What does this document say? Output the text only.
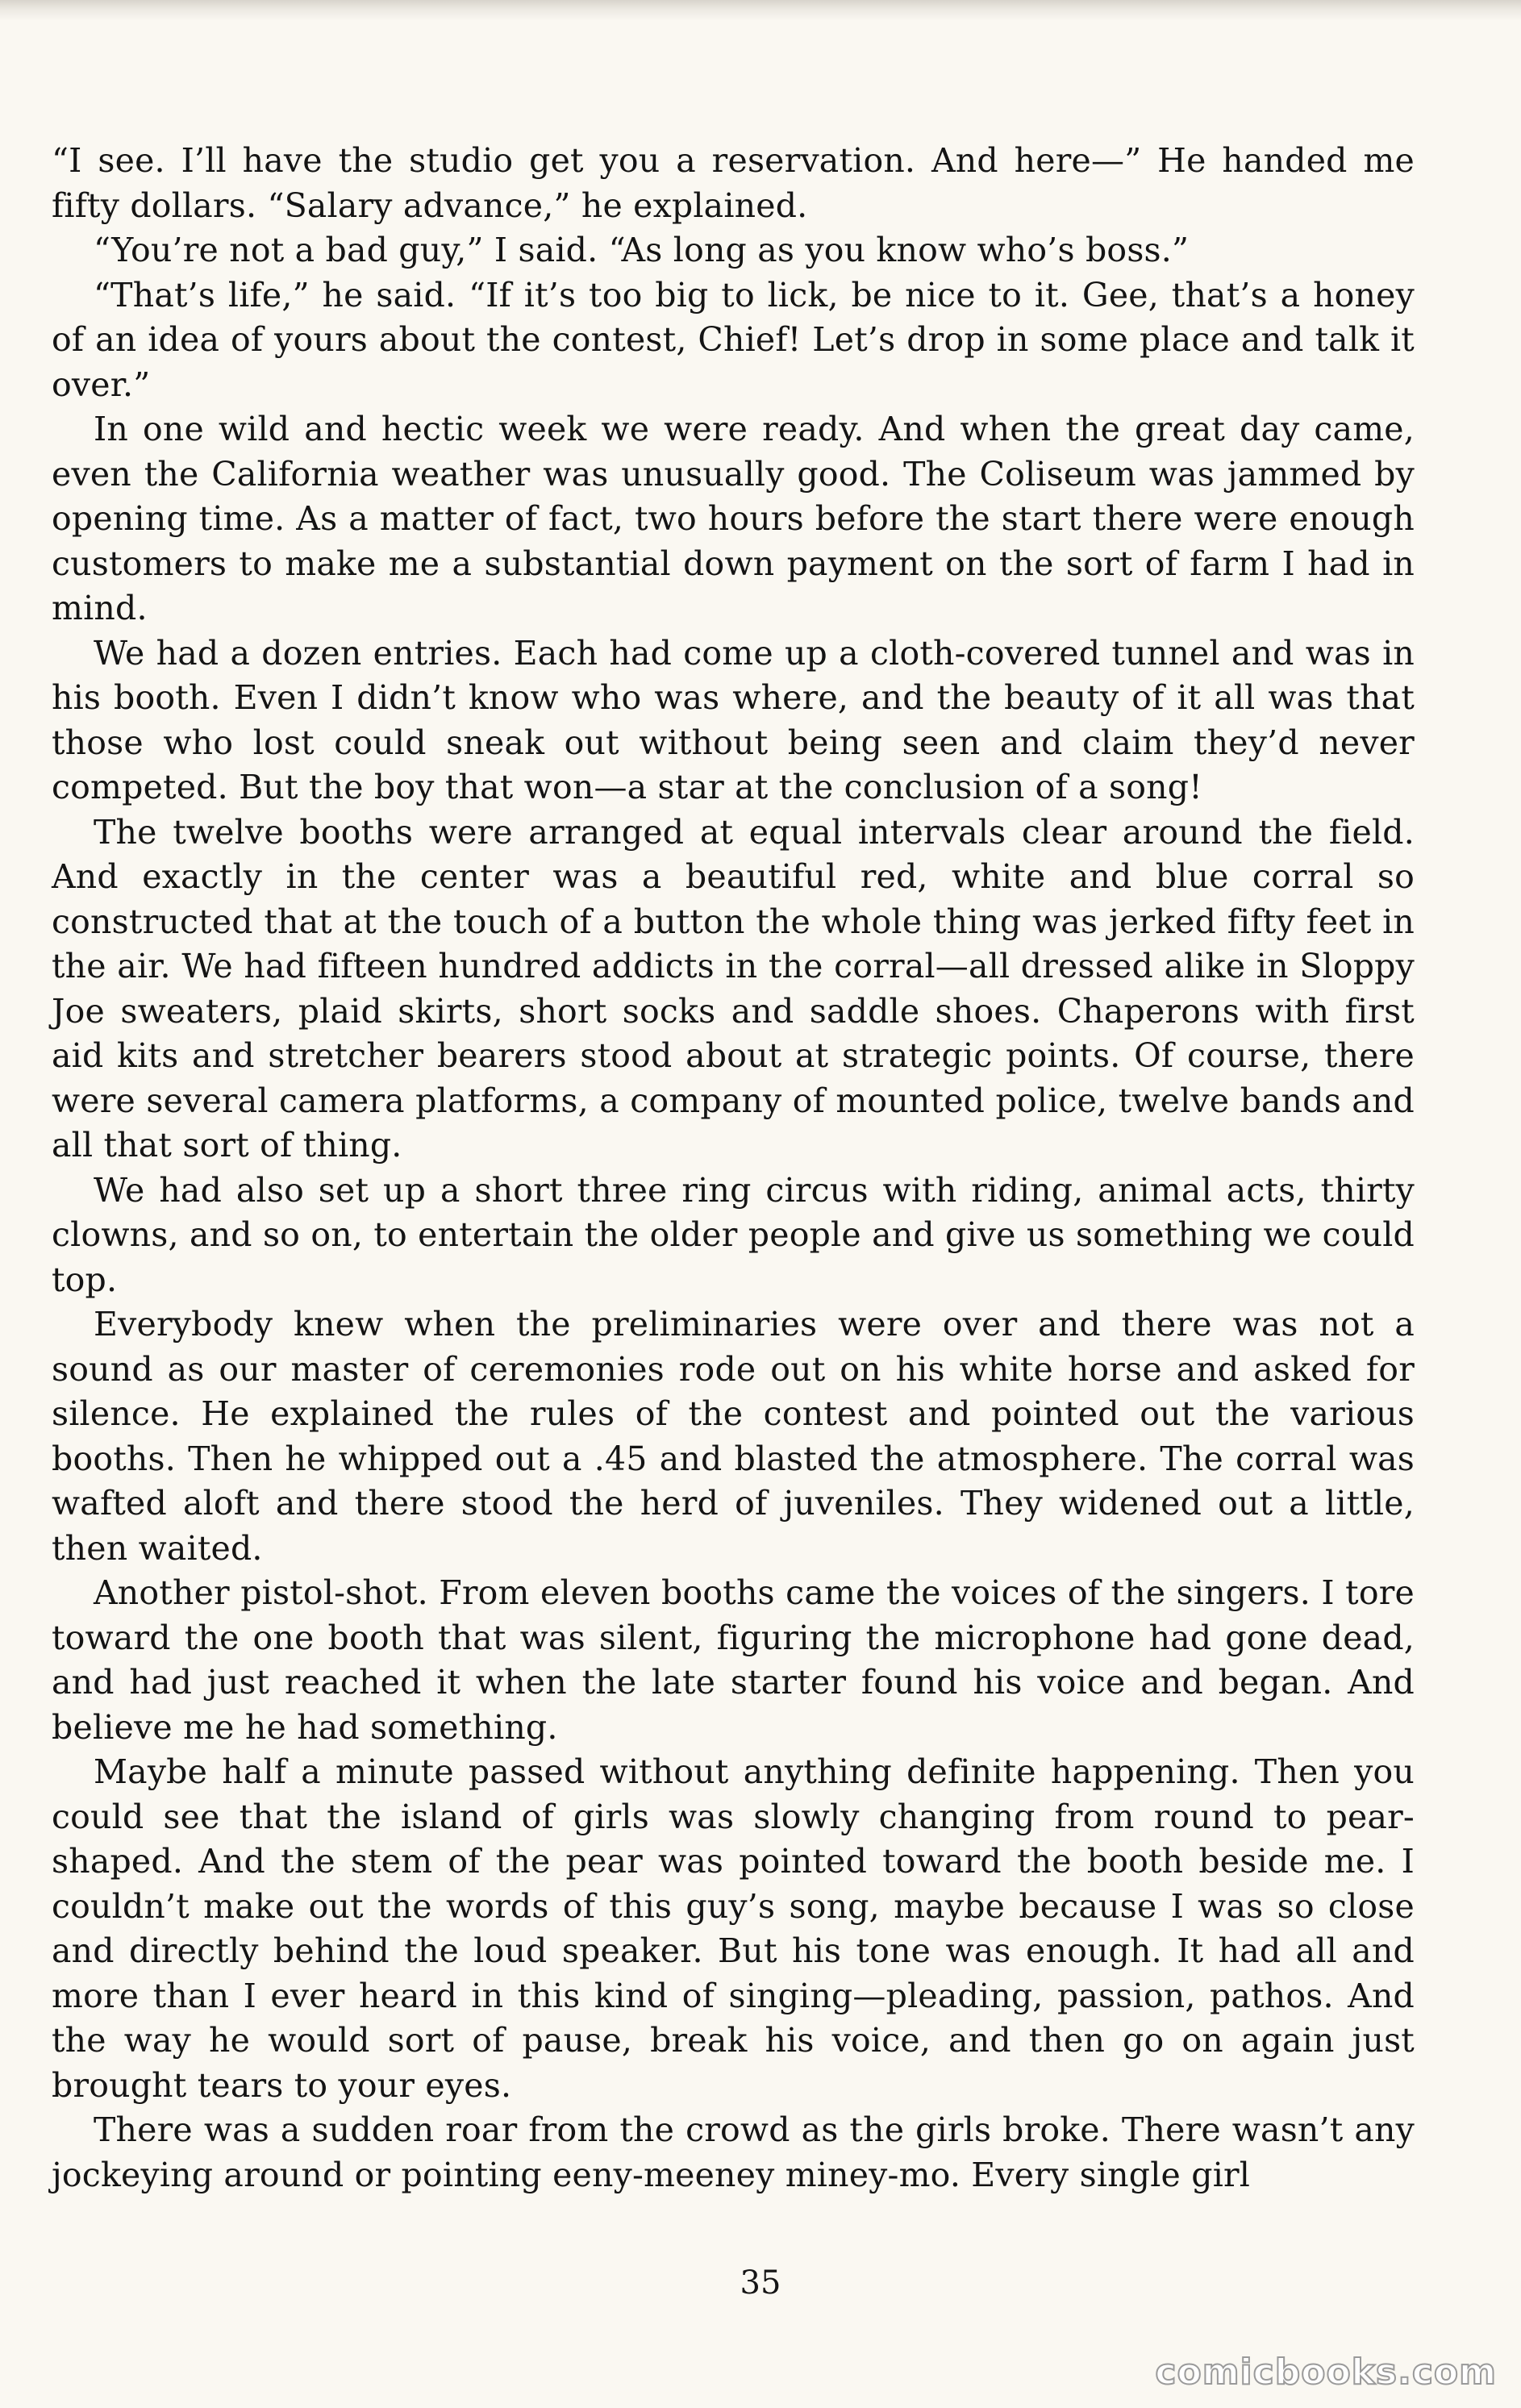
“I see. I’ll have the studio get you a reservation. And here—” He handed me fifty dollars. “Salary advance,” he explained.

“You’re not a bad guy,” I said. “As long as you know who’s boss.”

“That’s life,” he said. “If it’s too big to lick, be nice to it. Gee, that’s a honey of an idea of yours about the contest, Chief! Let’s drop in some place and talk it over.”

In one wild and hectic week we were ready. And when the great day came, even the California weather was unusually good. The Coliseum was jammed by opening time. As a matter of fact, two hours before the start there were enough customers to make me a substantial down payment on the sort of farm I had in mind.

We had a dozen entries. Each had come up a cloth-covered tunnel and was in his booth. Even I didn’t know who was where, and the beauty of it all was that those who lost could sneak out without being seen and claim they’d never competed. But the boy that won—a star at the conclusion of a song!

The twelve booths were arranged at equal intervals clear around the field. And exactly in the center was a beautiful red, white and blue corral so constructed that at the touch of a button the whole thing was jerked fifty feet in the air. We had fifteen hundred addicts in the corral—all dressed alike in Sloppy Joe sweaters, plaid skirts, short socks and saddle shoes. Chaperons with first aid kits and stretcher bearers stood about at strategic points. Of course, there were several camera platforms, a company of mounted police, twelve bands and all that sort of thing.

We had also set up a short three ring circus with riding, animal acts, thirty clowns, and so on, to entertain the older people and give us something we could top.

Everybody knew when the preliminaries were over and there was not a sound as our master of ceremonies rode out on his white horse and asked for silence. He explained the rules of the contest and pointed out the various booths. Then he whipped out a .45 and blasted the atmosphere. The corral was wafted aloft and there stood the herd of juveniles. They widened out a little, then waited.

Another pistol-shot. From eleven booths came the voices of the singers. I tore toward the one booth that was silent, figuring the microphone had gone dead, and had just reached it when the late starter found his voice and began. And believe me he had something.

Maybe half a minute passed without anything definite happening. Then you could see that the island of girls was slowly changing from round to pear-shaped. And the stem of the pear was pointed toward the booth beside me. I couldn’t make out the words of this guy’s song, maybe because I was so close and directly behind the loud speaker. But his tone was enough. It had all and more than I ever heard in this kind of singing—pleading, passion, pathos. And the way he would sort of pause, break his voice, and then go on again just brought tears to your eyes.

There was a sudden roar from the crowd as the girls broke. There wasn’t any jockeying around or pointing eeny-meeney miney-mo. Every single girl

35
comicbooks.com
